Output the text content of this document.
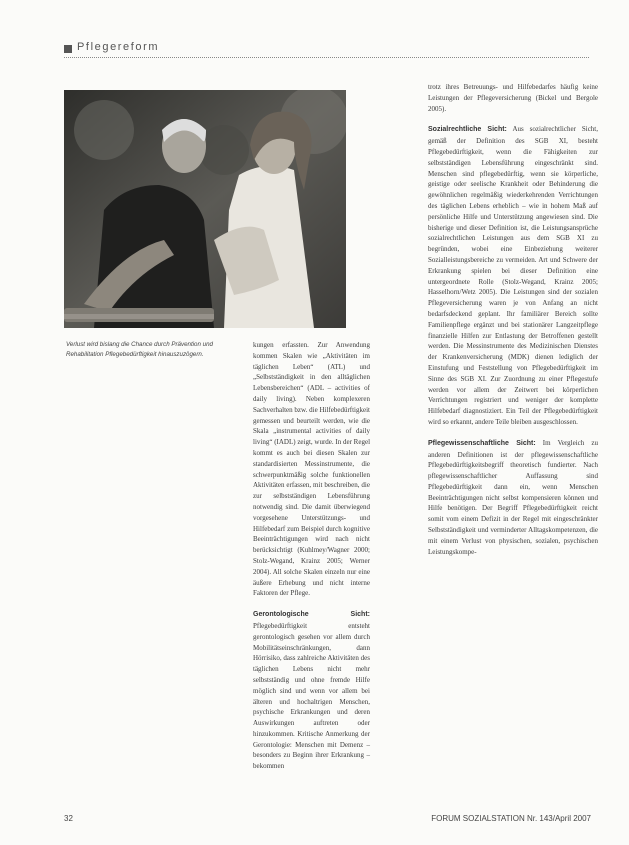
Pflegereform
Verlust wird bislang die Chance durch Prävention und Rehabilitation Pflegebedürftigkeit hinauszuzögern.

kungen erfassten. Zur Anwendung kommen Skalen wie „Aktivitäten im täglichen Leben“ (ATL) und „Selbstständigkeit in den alltäglichen Lebensbereichen“ (ADL – activities of daily living). Neben komplexeren Sachverhalten bzw. die Hilfebedürftigkeit gemessen und beurteilt werden, wie die Skala „instrumental activities of daily living“ (IADL) zeigt, wurde. In der Regel kommt es auch bei diesen Skalen zur standardisierten Messinstrumente, die schwerpunktmäßig solche funktionellen Aktivitäten erfassen, mit beschreiben, die zur selbstständigen Lebensführung notwendig sind. Die damit überwiegend vorgesehene Unterstützungs- und Hilfebedarf zum Beispiel durch kognitive Beeinträchtigungen wird nach nicht berücksichtigt (Kuhlmey/Wagner 2000; Stolz-Wegand, Krainz 2005; Werner 2004). All solche Skalen einzeln nur eine äußere Erhebung und nicht interne Faktoren der Pflege.

Gerontologische Sicht: Pflegebedürftigkeit entsteht gerontologisch gesehen vor allem durch Mobilitätseinschränkungen, dann Hörrisiko, dass zahlreiche Aktivitäten des täglichen Lebens nicht mehr selbstständig und ohne fremde Hilfe möglich sind und wenn vor allem bei älteren und hochaltrigen Menschen, psychische Erkrankungen und deren Auswirkungen auftreten oder hinzukommen. Kritische Anmerkung der Gerontologie: Menschen mit Demenz – besonders zu Beginn ihrer Erkrankung – bekommen

trotz ihres Betreuungs- und Hilfebedarfes häufig keine Leistungen der Pflegeversicherung (Bickel und Bergole 2005).

Sozialrechtliche Sicht: Aus sozialrechtlicher Sicht, gemäß der Definition des SGB XI, besteht Pflegebedürftigkeit, wenn die Fähigkeiten zur selbstständigen Lebensführung eingeschränkt sind. Menschen sind pflegebedürftig, wenn sie körperliche, geistige oder seelische Krankheit oder Behinderung die gewöhnlichen regelmäßig wiederkehrenden Verrichtungen des täglichen Lebens erheblich – wie in hohem Maß auf persönliche Hilfe und Unterstützung angewiesen sind. Die bisherige und dieser Definition ist, die Leistungsansprüche sozialrechtlichen Leistungen aus dem SGB XI zu begründen, wobei eine Einbeziehung weiterer Sozialleistungsbereiche zu vermeiden. Art und Schwere der Erkrankung spielen bei dieser Definition eine untergeordnete Rolle (Stolz-Wegand, Krainz 2005; Hasselhorn/Wetz 2005). Die Leistungen sind der sozialen Pflegeversicherung waren je von Anfang an nicht bedarfsdeckend geplant. Ihr familiärer Bereich sollte Familienpflege ergänzt und bei stationärer Langzeitpflege finanzielle Hilfen zur Entlastung der Betroffenen gestellt werden. Die Messinstrumente des Medizinischen Dienstes der Krankenversicherung (MDK) dienen lediglich der Einstufung und Feststellung von Pflegebedürftigkeit im Sinne des SGB XI. Zur Zuordnung zu einer Pflegestufe werden vor allem der Zeitwert bei körperlichen Verrichtungen registriert und weniger der komplette Hilfebedarf diagnostiziert. Ein Teil der Pflegebedürftigkeit wird so erkannt, andere Teile bleiben ausgeschlossen.

Pflegewissenschaftliche Sicht: Im Vergleich zu anderen Definitionen ist der pflegewissenschaftliche Pflegebedürftigkeitsbegriff theoretisch fundierter. Nach pflegewissenschaftlicher Auffassung sind Pflegebedürftigkeit dann ein, wenn Menschen Beeinträchtigungen nicht selbst kompensieren können und Hilfe benötigen. Der Begriff Pflegebedürftigkeit reicht somit vom einem Defizit in der Regel mit eingeschränkter Selbstständigkeit und verminderter Alltagskompetenzen, die mit einem Verlust von physischen, sozialen, psychischen Leistungskompe-

32	FORUM SOZIALSTATION Nr. 143/April 2007
